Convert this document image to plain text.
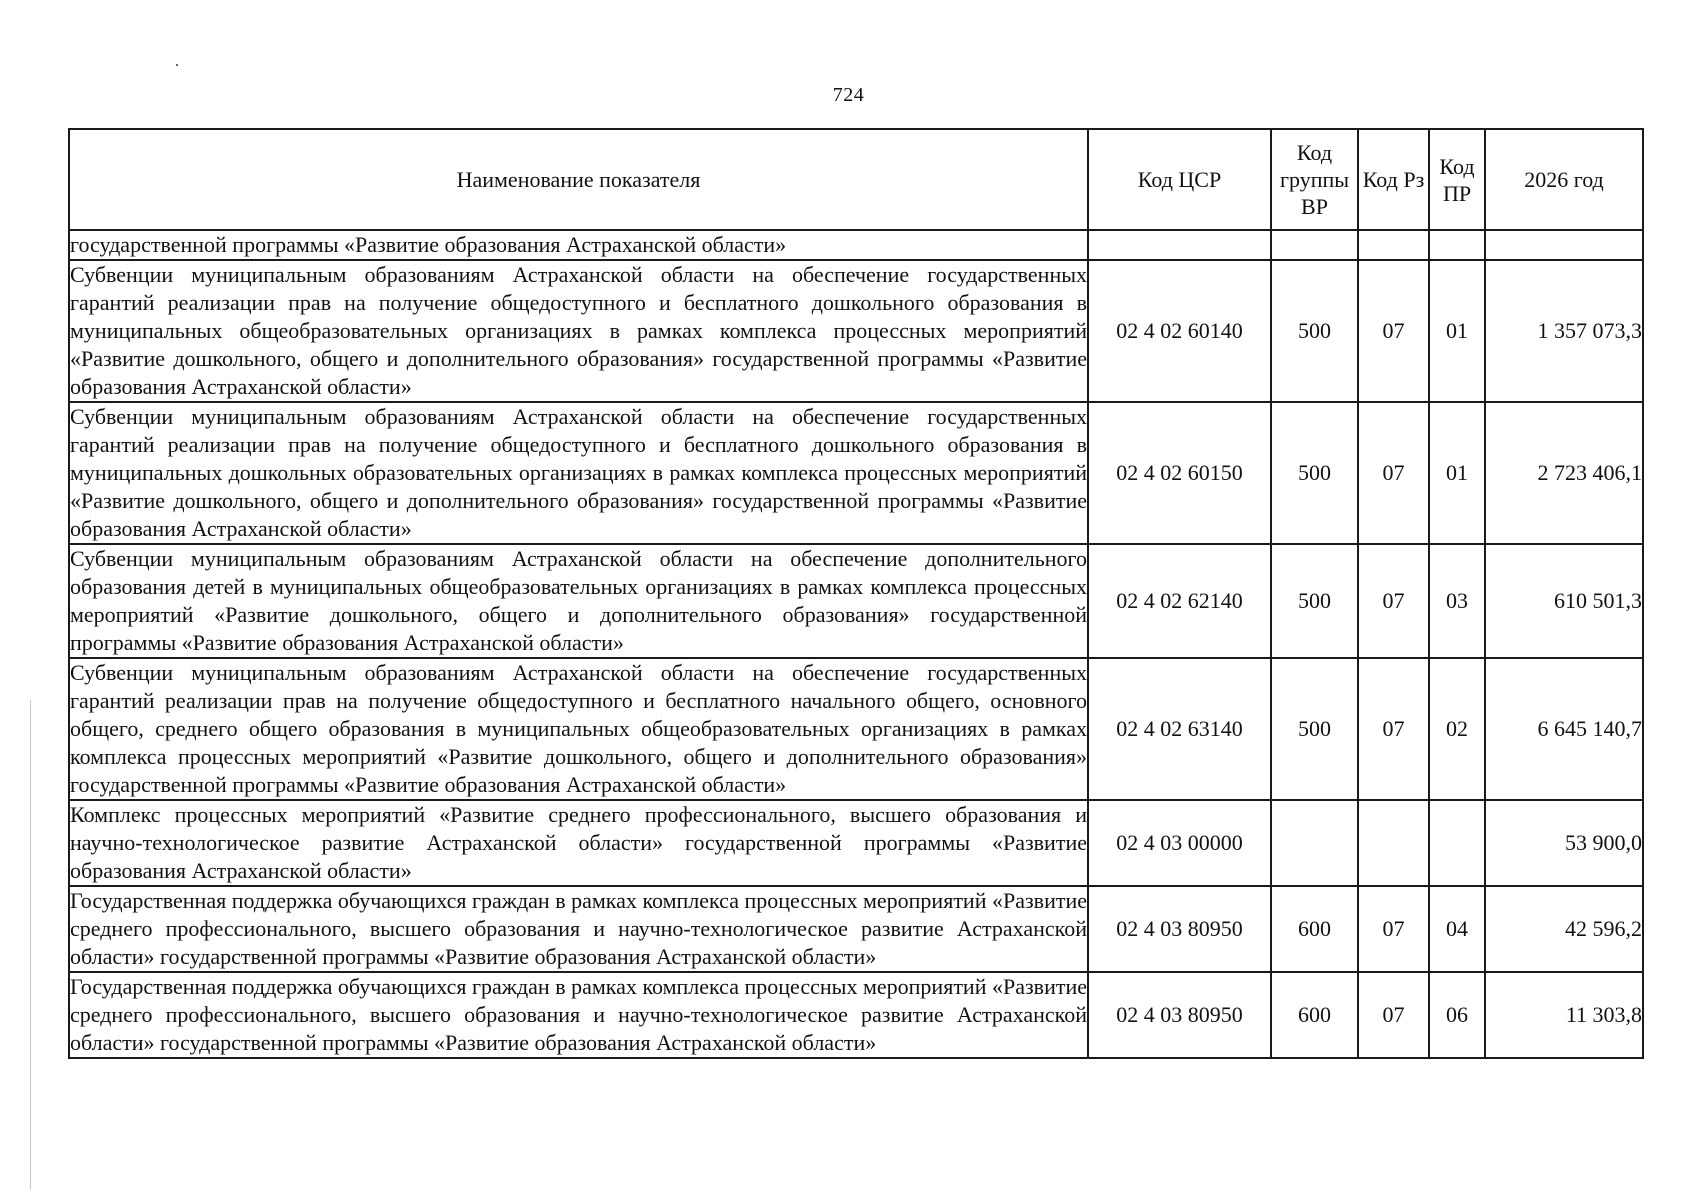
724
Наименование показателя	Код ЦСР	Код группы ВР	Код Рз	Код ПР	2026 год
государственной программы «Развитие образования Астраханской области»					
Субвенции муниципальным образованиям Астраханской области на обеспечение государственных гарантий реализации прав на получение общедоступного и бесплатного дошкольного образования в муниципальных общеобразовательных организациях в рамках комплекса процессных мероприятий «Развитие дошкольного, общего и дополнительного образования» государственной программы «Развитие образования Астраханской области»	02 4 02 60140	500	07	01	1 357 073,3
Субвенции муниципальным образованиям Астраханской области на обеспечение государственных гарантий реализации прав на получение общедоступного и бесплатного дошкольного образования в муниципальных дошкольных образовательных организациях в рамках комплекса процессных мероприятий «Развитие дошкольного, общего и дополнительного образования» государственной программы «Развитие образования Астраханской области»	02 4 02 60150	500	07	01	2 723 406,1
Субвенции муниципальным образованиям Астраханской области на обеспечение дополнительного образования детей в муниципальных общеобразовательных организациях в рамках комплекса процессных мероприятий «Развитие дошкольного, общего и дополнительного образования» государственной программы «Развитие образования Астраханской области»	02 4 02 62140	500	07	03	610 501,3
Субвенции муниципальным образованиям Астраханской области на обеспечение государственных гарантий реализации прав на получение общедоступного и бесплатного начального общего, основного общего, среднего общего образования в муниципальных общеобразовательных организациях в рамках комплекса процессных мероприятий «Развитие дошкольного, общего и дополнительного образования» государственной программы «Развитие образования Астраханской области»	02 4 02 63140	500	07	02	6 645 140,7
Комплекс процессных мероприятий «Развитие среднего профессионального, высшего образования и научно-технологическое развитие Астраханской области» государственной программы «Развитие образования Астраханской области»	02 4 03 00000				53 900,0
Государственная поддержка обучающихся граждан в рамках комплекса процессных мероприятий «Развитие среднего профессионального, высшего образования и научно-технологическое развитие Астраханской области» государственной программы «Развитие образования Астраханской области»	02 4 03 80950	600	07	04	42 596,2
Государственная поддержка обучающихся граждан в рамках комплекса процессных мероприятий «Развитие среднего профессионального, высшего образования и научно-технологическое развитие Астраханской области» государственной программы «Развитие образования Астраханской области»	02 4 03 80950	600	07	06	11 303,8
